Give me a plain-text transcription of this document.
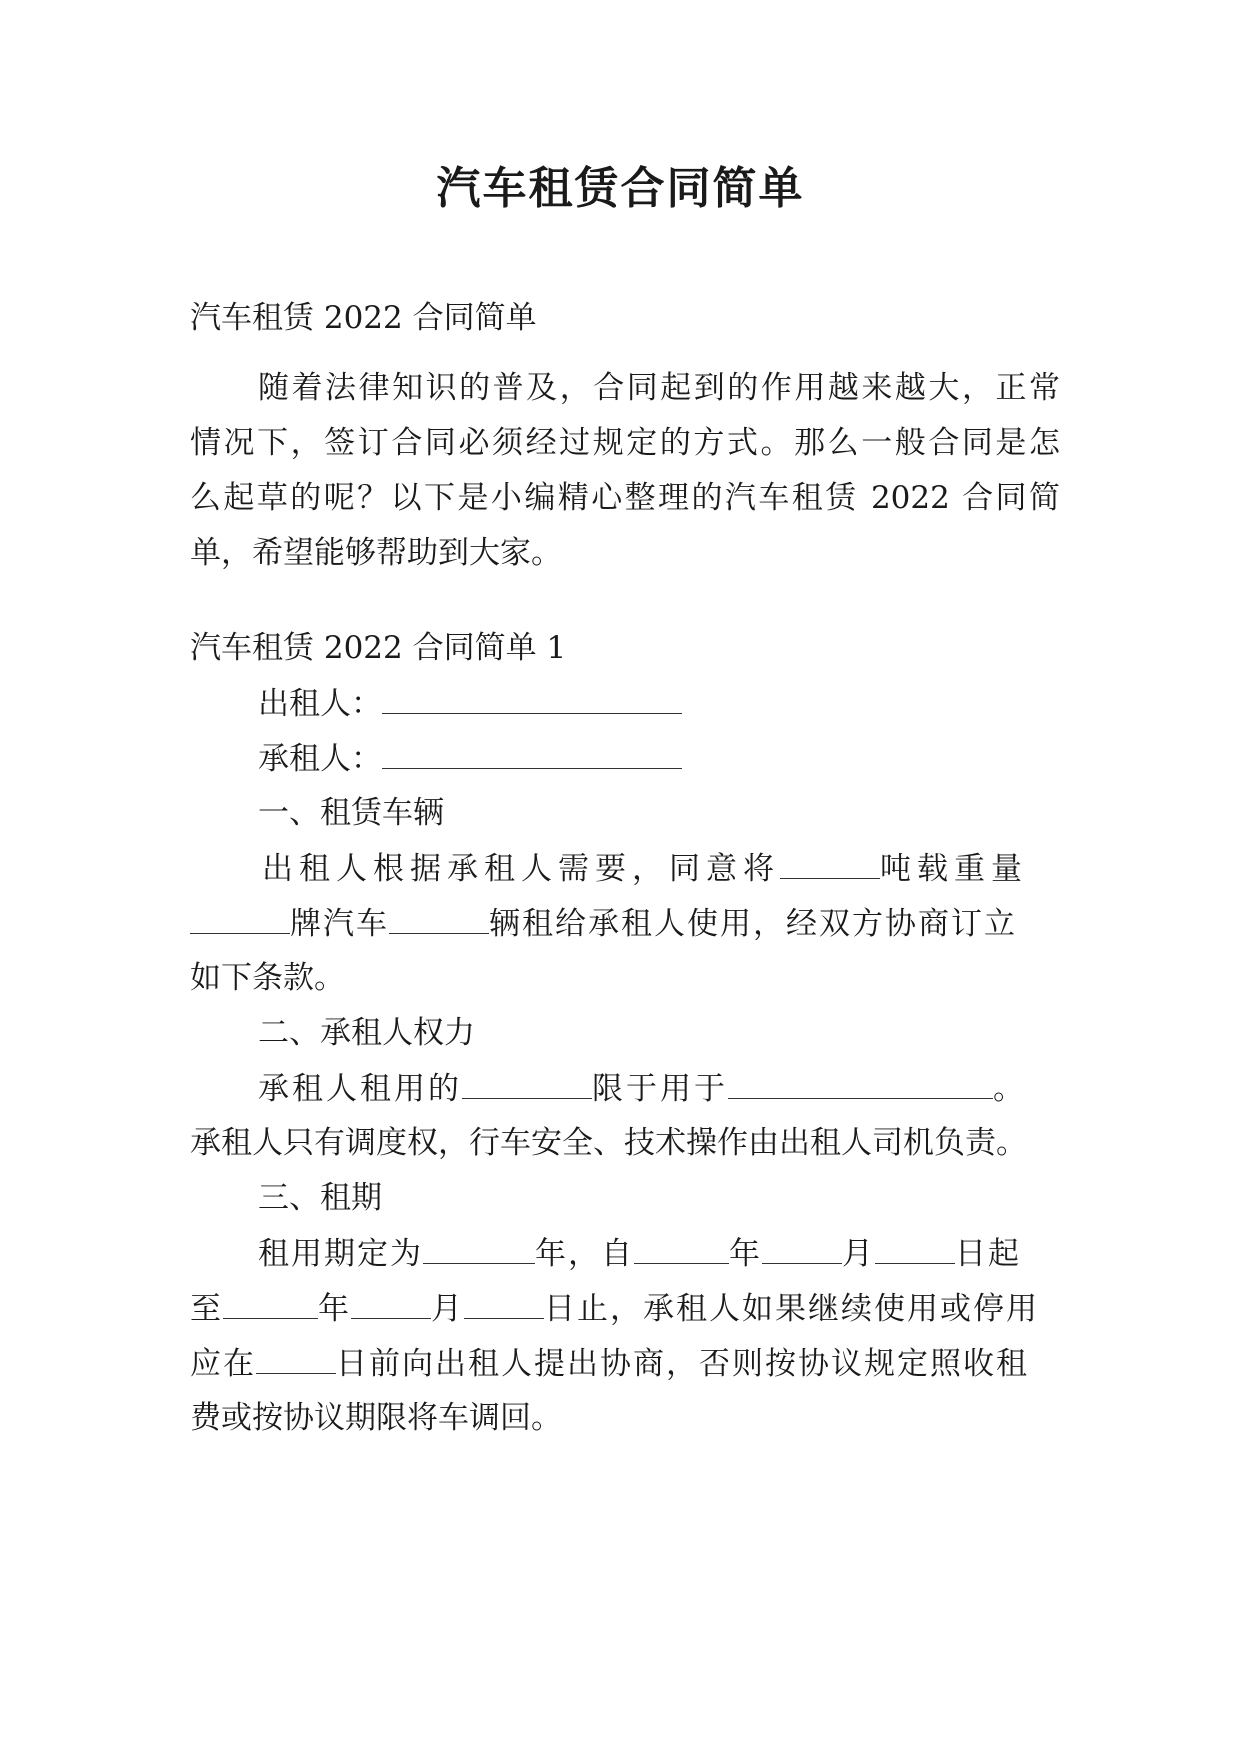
汽车租赁合同简单

汽车租赁 2022 合同简单

随着法律知识的普及，合同起到的作用越来越大，正常

情况下，签订合同必须经过规定的方式。那么一般合同是怎

么起草的呢？以下是小编精心整理的汽车租赁 2022 合同简

单，希望能够帮助到大家。

汽车租赁 2022 合同简单 1

出租人：

承租人：

一、租赁车辆

出租人根据承租人需要，同意将	吨载重量

牌汽车	辆租给承租人使用，经双方协商订立

如下条款。

二、承租人权力

承租人租用的	限于用于	。

承租人只有调度权，行车安全、技术操作由出租人司机负责。

三、租期

租用期定为	年，自	年	月	日起

至	年	月	日止，承租人如果继续使用或停用

应在	日前向出租人提出协商，否则按协议规定照收租

费或按协议期限将车调回。
